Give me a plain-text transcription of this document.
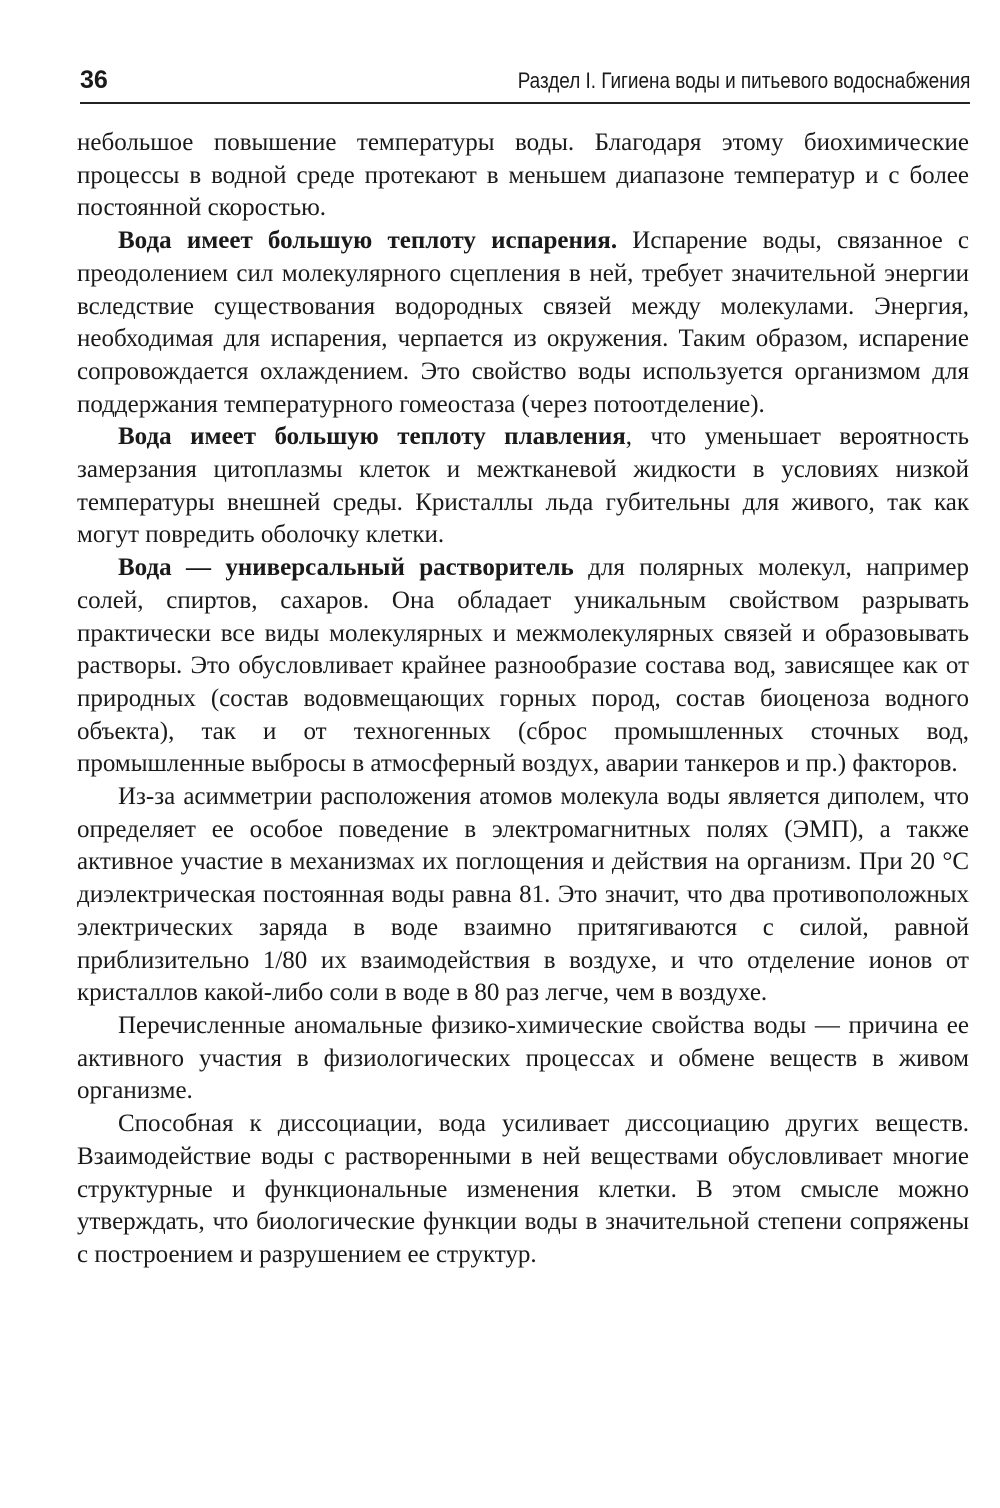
36	Раздел I. Гигиена воды и питьевого водоснабжения

небольшое повышение температуры воды. Благодаря этому биохимические процессы в водной среде протекают в меньшем диапазоне температур и с более постоянной скоростью.

Вода имеет большую теплоту испарения. Испарение воды, связанное с преодолением сил молекулярного сцепления в ней, требует значительной энергии вследствие существования водородных связей между молекулами. Энергия, необходимая для испарения, черпается из окружения. Таким образом, испарение сопровождается охлаждением. Это свойство воды используется организмом для поддержания температурного гомеостаза (через потоотделение).

Вода имеет большую теплоту плавления, что уменьшает вероятность замерзания цитоплазмы клеток и межтканевой жидкости в условиях низкой температуры внешней среды. Кристаллы льда губительны для живого, так как могут повредить оболочку клетки.

Вода — универсальный растворитель для полярных молекул, например солей, спиртов, сахаров. Она обладает уникальным свойством разрывать практически все виды молекулярных и межмолекулярных связей и образовывать растворы. Это обусловливает крайнее разнообразие состава вод, зависящее как от природных (состав водовмещающих горных пород, состав биоценоза водного объекта), так и от техногенных (сброс промышленных сточных вод, промышленные выбросы в атмосферный воздух, аварии танкеров и пр.) факторов.

Из-за асимметрии расположения атомов молекула воды является диполем, что определяет ее особое поведение в электромагнитных полях (ЭМП), а также активное участие в механизмах их поглощения и действия на организм. При 20 °С диэлектрическая постоянная воды равна 81. Это значит, что два противоположных электрических заряда в воде взаимно притягиваются с силой, равной приблизительно 1/80 их взаимодействия в воздухе, и что отделение ионов от кристаллов какой-либо соли в воде в 80 раз легче, чем в воздухе.

Перечисленные аномальные физико-химические свойства воды — причина ее активного участия в физиологических процессах и обмене веществ в живом организме.

Способная к диссоциации, вода усиливает диссоциацию других веществ. Взаимодействие воды с растворенными в ней веществами обусловливает многие структурные и функциональные изменения клетки. В этом смысле можно утверждать, что биологические функции воды в значительной степени сопряжены с построением и разрушением ее структур.
